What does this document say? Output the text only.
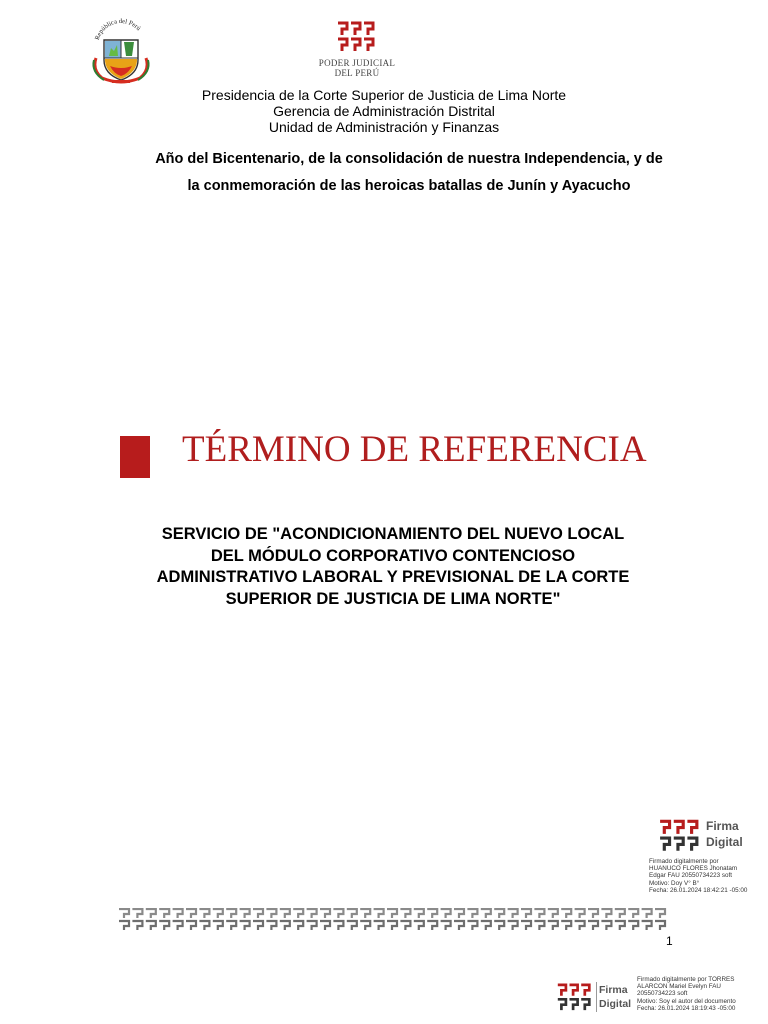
República del Perú
PODER JUDICIAL
DEL PERÚ
Presidencia de la Corte Superior de Justicia de Lima Norte
Gerencia de Administración Distrital
Unidad de Administración y Finanzas
Año del Bicentenario, de la consolidación de nuestra Independencia, y de
la conmemoración de las heroicas batallas de Junín y Ayacucho
TÉRMINO DE REFERENCIA
SERVICIO DE "ACONDICIONAMIENTO DEL NUEVO LOCAL
DEL MÓDULO CORPORATIVO CONTENCIOSO
ADMINISTRATIVO LABORAL Y PREVISIONAL DE LA CORTE
SUPERIOR DE JUSTICIA DE LIMA NORTE"
Firma
Digital
Firmado digitalmente por
HUANUCO FLORES Jhonatam
Edgar FAU 20550734223 soft
Motivo: Doy V° B°
Fecha: 26.01.2024 18:42:21 -05:00
1
Firma
Digital
Firmado digitalmente por TORRES
ALARCON Mariel Evelyn FAU
20550734223 soft
Motivo: Soy el autor del documento
Fecha: 26.01.2024 18:19:43 -05:00
